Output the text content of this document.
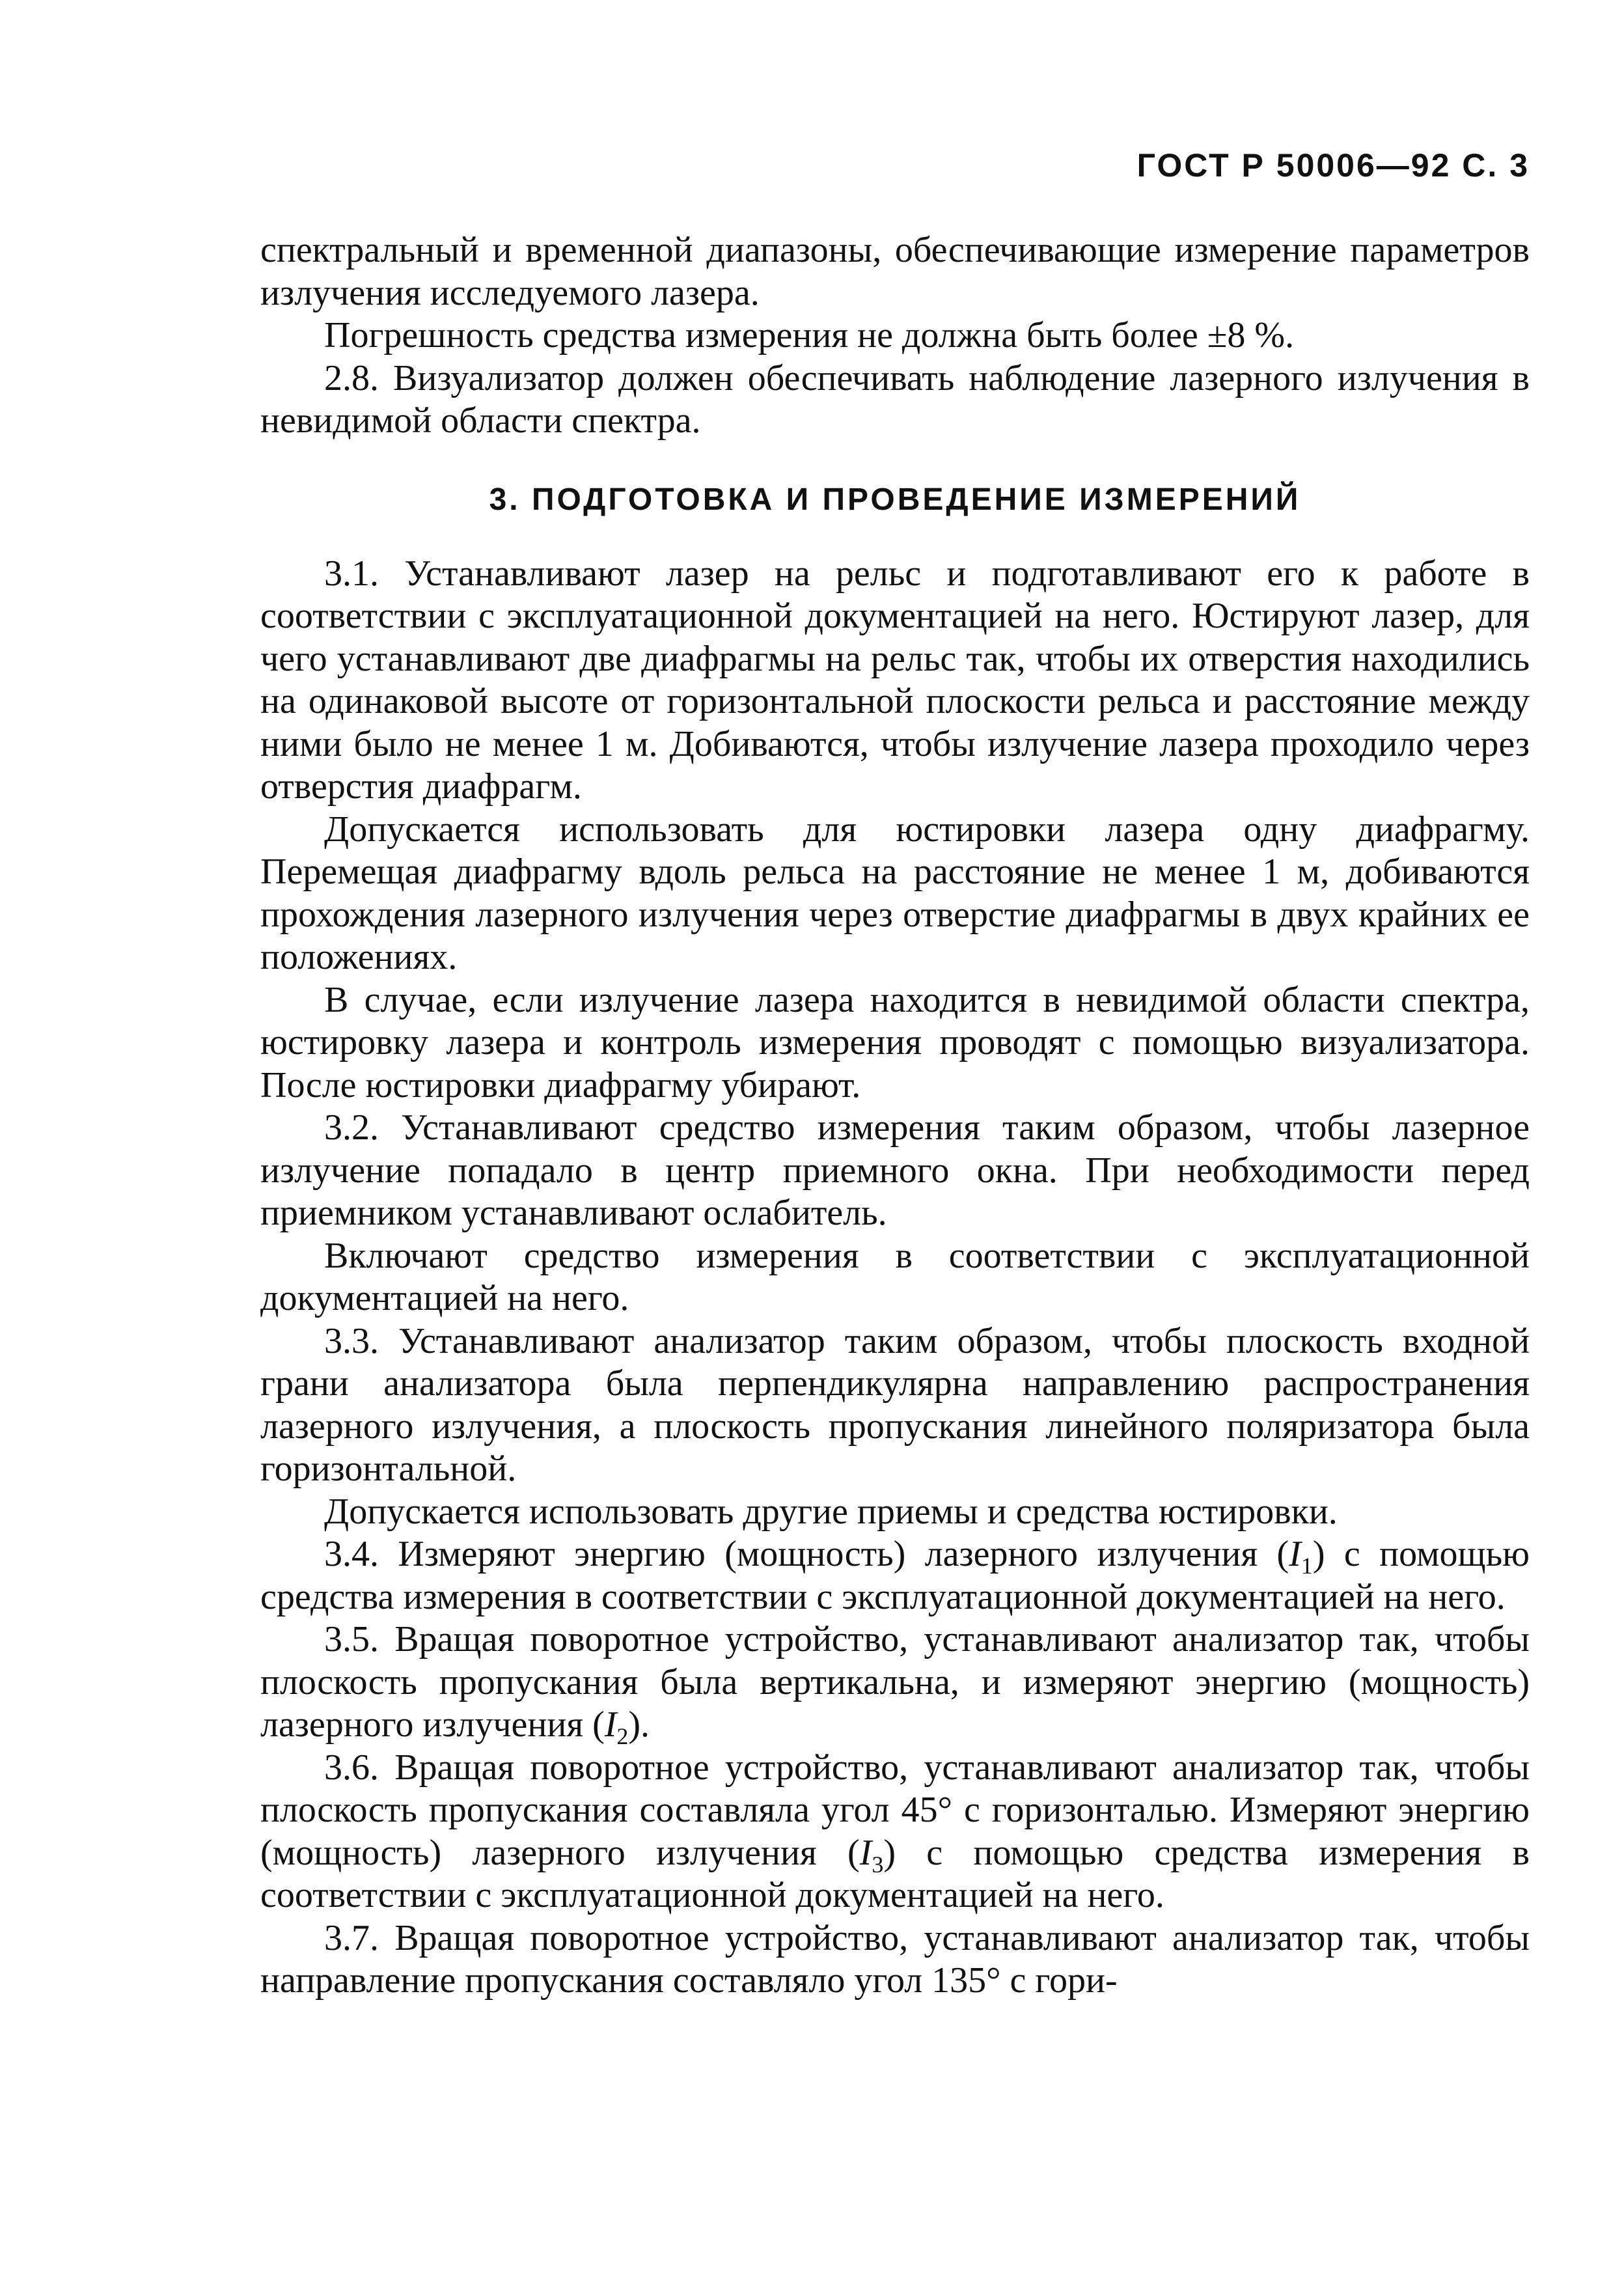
ГОСТ Р 50006—92 С. 3

спектральный и временной диапазоны, обеспечивающие измерение параметров излучения исследуемого лазера.

Погрешность средства измерения не должна быть более ±8 %.

2.8. Визуализатор должен обеспечивать наблюдение лазерного излучения в невидимой области спектра.

3. ПОДГОТОВКА И ПРОВЕДЕНИЕ ИЗМЕРЕНИЙ

3.1. Устанавливают лазер на рельс и подготавливают его к работе в соответствии с эксплуатационной документацией на него. Юстируют лазер, для чего устанавливают две диафрагмы на рельс так, чтобы их отверстия находились на одинаковой высоте от горизонтальной плоскости рельса и расстояние между ними было не менее 1 м. Добиваются, чтобы излучение лазера проходило через отверстия диафрагм.

Допускается использовать для юстировки лазера одну диафрагму. Перемещая диафрагму вдоль рельса на расстояние не менее 1 м, добиваются прохождения лазерного излучения через отверстие диафрагмы в двух крайних ее положениях.

В случае, если излучение лазера находится в невидимой области спектра, юстировку лазера и контроль измерения проводят с помощью визуализатора. После юстировки диафрагму убирают.

3.2. Устанавливают средство измерения таким образом, чтобы лазерное излучение попадало в центр приемного окна. При необходимости перед приемником устанавливают ослабитель.

Включают средство измерения в соответствии с эксплуатационной документацией на него.

3.3. Устанавливают анализатор таким образом, чтобы плоскость входной грани анализатора была перпендикулярна направлению распространения лазерного излучения, а плоскость пропускания линейного поляризатора была горизонтальной.

Допускается использовать другие приемы и средства юстировки.

3.4. Измеряют энергию (мощность) лазерного излучения $(I_1)$ с помощью средства измерения в соответствии с эксплуатационной документацией на него.

3.5. Вращая поворотное устройство, устанавливают анализатор так, чтобы плоскость пропускания была вертикальна, и измеряют энергию (мощность) лазерного излучения $(I_2)$.

3.6. Вращая поворотное устройство, устанавливают анализатор так, чтобы плоскость пропускания составляла угол 45° с горизонталью. Измеряют энергию (мощность) лазерного излучения $(I_3)$ с помощью средства измерения в соответствии с эксплуатационной документацией на него.

3.7. Вращая поворотное устройство, устанавливают анализатор так, чтобы направление пропускания составляло угол 135° с гори-
